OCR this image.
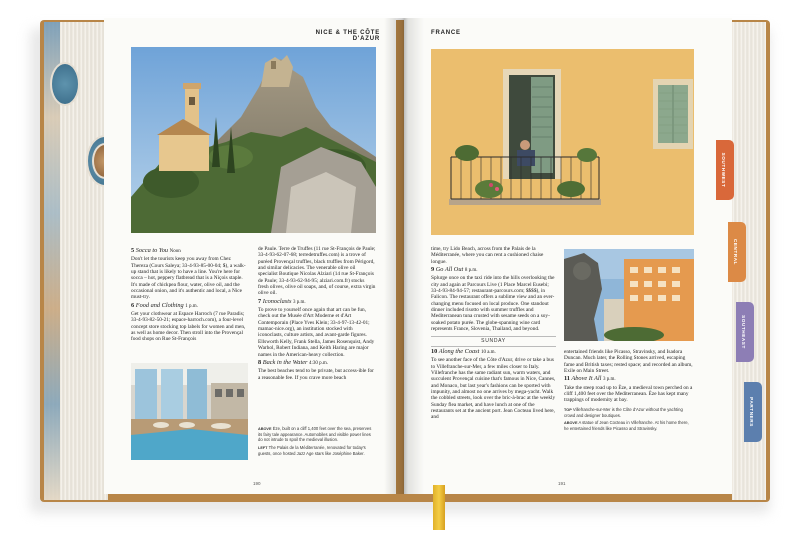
NICE & THE CÔTE D'AZUR
FRANCE

5 Socca to You Noon

Don't let the tourists keep you away from Chez Thereza (Cours Saleya; 33-4-93-85-00-04; $), a walk-up stand that is likely to have a line. You're here for socca – hot, peppery flatbread that is a Niçois staple. It's made of chickpea flour, water, olive oil, and the occasional onion, and it's authentic and local, a Nice must-try.

6 Food and Clothing 1 p.m.

Get your clothwear at Espace Harroch (7 rue Paradis; 33-4-93-82-50-21; espace-harroch.com), a four-level concept store stocking top labels for women and men, as well as home decor. Then stroll into the Provençal food shops on Rue St-François

de Paule. Terre de Truffes (11 rue St-François de Paule; 33-4-93-62-07-68; terredetruffes.com) is a trove of puréed Provençal truffles, black truffles from Périgord, and similar delicacies. The venerable olive oil specialist Boutique Nicolas Alziari (14 rue St-François de Paule; 33-4-93-62-94-95; alziari.com.fr) stocks fresh olives, olive oil soaps, and, of course, extra virgin olive oil.

7 Iconoclasts 3 p.m.

To prove to yourself once again that art can be fun, check out the Musée d'Art Moderne et d'Art Contemporain (Place Yves Klein; 33-4-97-13-42-01; mamac-nice.org), an institution stocked with iconoclasts, culture artists, and avant-garde figures. Ellsworth Kelly, Frank Stella, James Rosenquist, Andy Warhol, Robert Indiana, and Keith Haring are major names in the American-heavy collection.

8 Back in the Water 4:30 p.m.

The best beaches tend to be private, but access-ible for a reasonable fee. If you crave more beach

ABOVE Èze, built on a cliff 1,400 feet over the sea, preserves its fairy tale appearance. Automobiles and visible power lines do not intrude to spoil the medieval illusion.
LEFT The Palais de la Méditerranée, renovated for today's guests, once hosted Jazz Age stars like Joséphine Baker.
190

time, try Lido Beach, across from the Palais de la Méditerranée, where you can rent a cushioned chaise longue.

9 Go All Out 8 p.m.

Splurge once on the taxi ride into the hills overlooking the city and again at Parcours Live (1 Place Marcel Eusebi; 33-4-93-84-94-57; restaurant-parcours.com; $$$$), in Falicon. The restaurant offers a sublime view and an ever-changing menu focused on local produce. One standout dinner included risotto with summer truffles and Mediterranean tuna crusted with sesame seeds on a soy-soaked potato purée. The globe-spanning wine card represents France, Slovenia, Thailand, and beyond.

SUNDAY

10 Along the Coast 10 a.m.

To see another face of the Côte d'Azur, drive or take a bus to Villefranche-sur-Mer, a few miles closer to Italy. Villefranche has the same radiant sun, warm waters, and succulent Provençal cuisine that's famous in Nice, Cannes, and Monaco, but last year's fashions can be sported with impunity, and almost no one arrives by mega-yacht. Walk the cobbled streets, look over the bric-à-brac at the weekly Sunday flea market, and have lunch at one of the restaurants set at the ancient port. Jean Cocteau lived here, and

entertained friends like Picasso, Stravinsky, and Isadora Duncan. Much later, the Rolling Stones arrived, escaping fame and British taxes; rested space; and recorded an album, Exile on Main Street.

11 Above It All 3 p.m.

Take the steep road up to Èze, a medieval town perched on a cliff 1,400 feet over the Mediterranean. Èze has kept many trappings of modernity at bay.

TOP Villefranche-sur-Mer is the Côte d'Azur without the yachting crowd and designer boutiques.
ABOVE A statue of Jean Cocteau in Villefranche. At his home there, he entertained friends like Picasso and Stravinsky.
191
SOUTHWEST
CENTRAL
SOUTHEAST
PARTNERS
